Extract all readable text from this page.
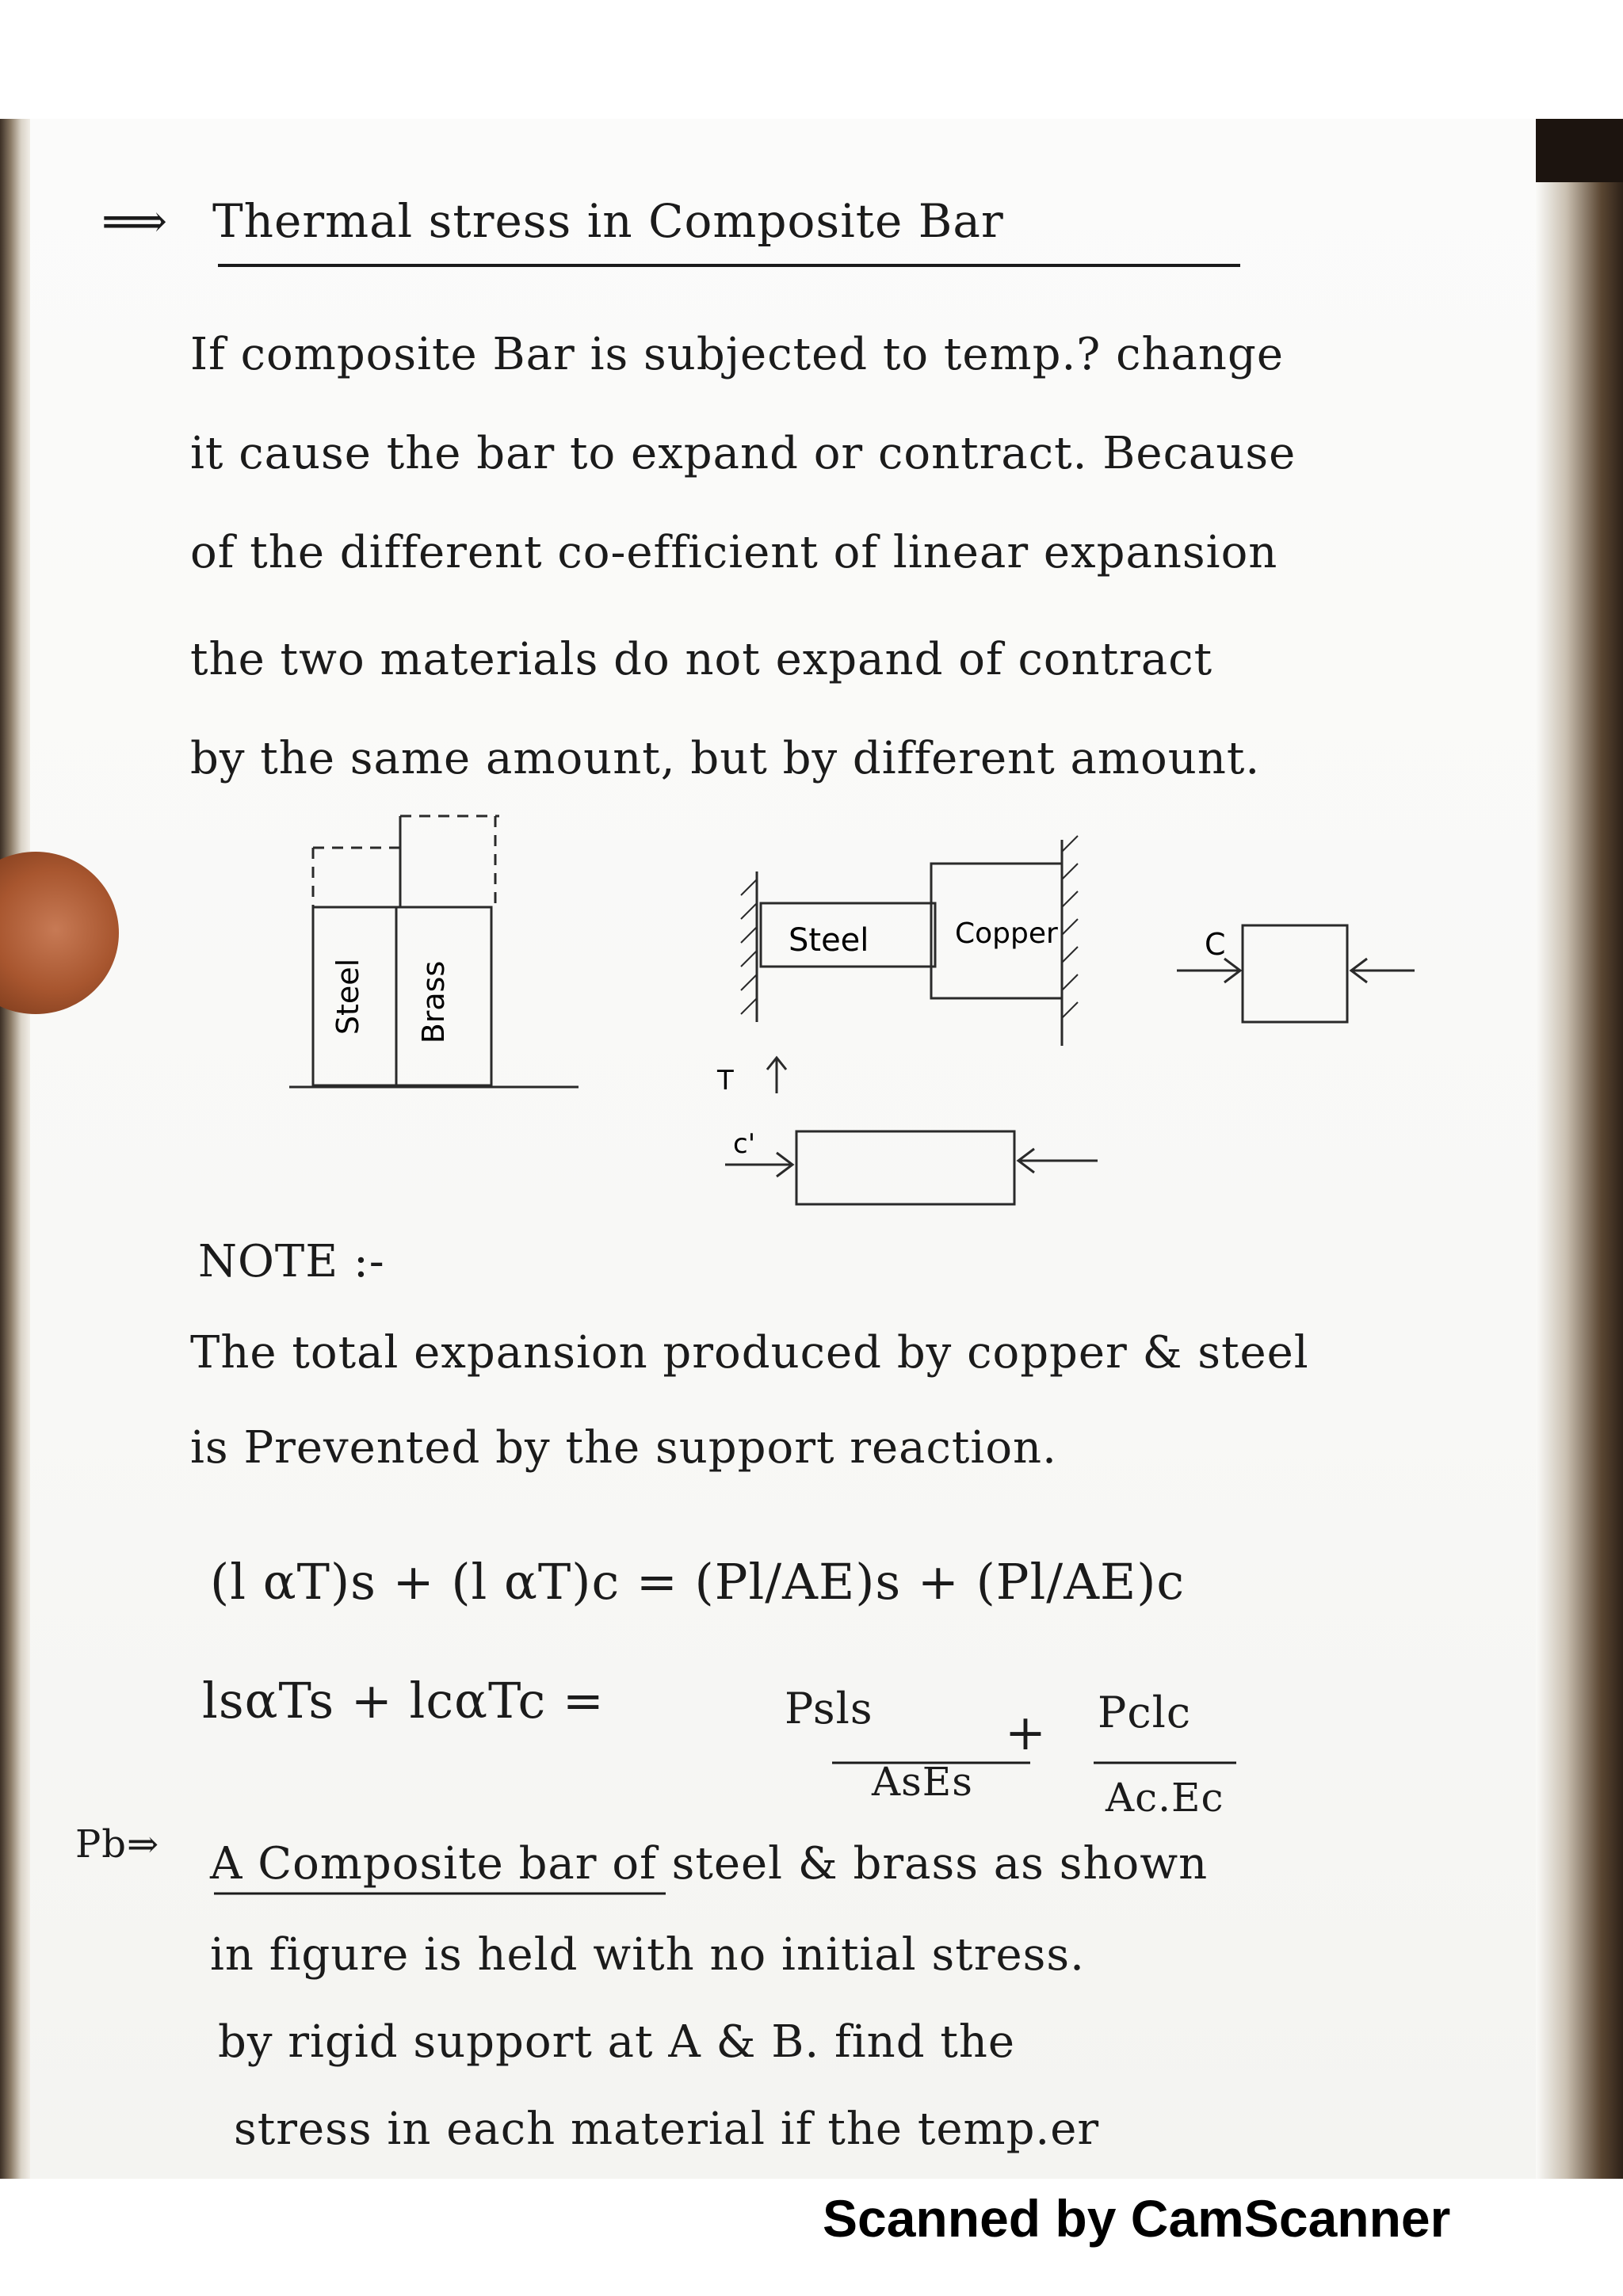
⟹ Thermal stress in Composite Bar
If composite Bar is subjected to temp.? change
it cause the bar to expand or contract. Because
of the different co-efficient of linear expansion
the two materials do not expand of contract
by the same amount, but by different amount.
Steel Brass
Steel	Copper	C
T
c'
NOTE :-
The total expansion produced by copper & steel
is Prevented by the support reaction.
(l αT)s + (l αT)c = (Pl/AE)s + (Pl/AE)c
lsαTs + lcαTc =	Psls
AsEs
+ Pclc
Ac.Ec
Pb⇒ A Composite bar of steel & brass as shown
in figure is held with no initial stress.
by rigid support at A & B. find the
stress in each material if the temp.er
Scanned by CamScanner
